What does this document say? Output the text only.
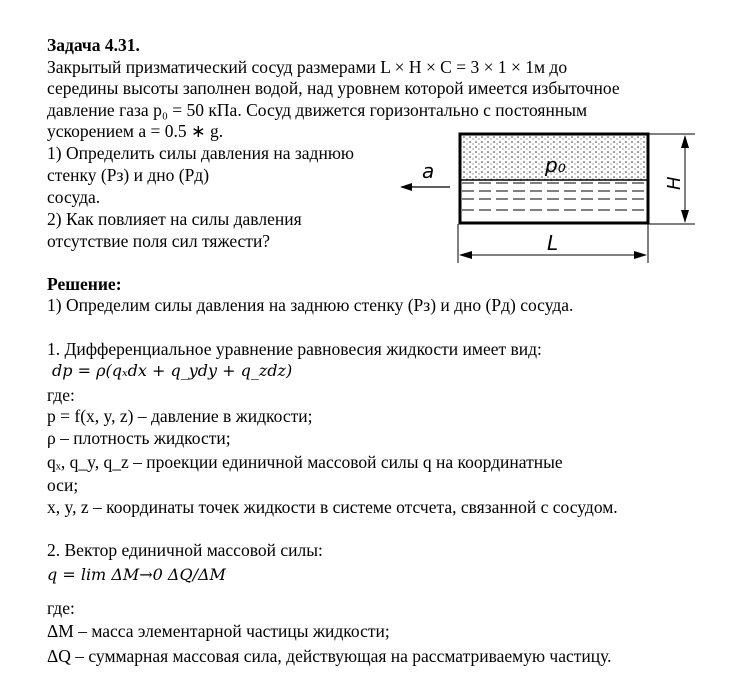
Задача 4.31.
Закрытый призматический сосуд размерами L × H × C = 3 × 1 × 1м до
середины высоты заполнен водой, над уровнем которой имеется избыточное
давление газа p₀ = 50 кПа. Сосуд движется горизонтально с постоянным
ускорением a = 0.5 ∗ g.
1) Определить силы давления на заднюю
стенку (Pз) и дно (Pд)
сосуда.
2) Как повлияет на силы давления
отсутствие поля сил тяжести?
a	p₀
H
L
Решение:
1) Определим силы давления на заднюю стенку (Pз) и дно (Pд) сосуда.
1. Дифференциальное уравнение равновесия жидкости имеет вид:
dp = ρ(qₓdx + q_ydy + q_zdz)
где:
p = f(x, y, z) – давление в жидкости;
ρ – плотность жидкости;
qₓ, q_y, q_z – проекции единичной массовой силы q на координатные
оси;
x, y, z – координаты точек жидкости в системе отсчета, связанной с сосудом.
2. Вектор единичной массовой силы:
q = lim ΔM→0 ΔQ/ΔM
где:
ΔM – масса элементарной частицы жидкости;
ΔQ – суммарная массовая сила, действующая на рассматриваемую частицу.
